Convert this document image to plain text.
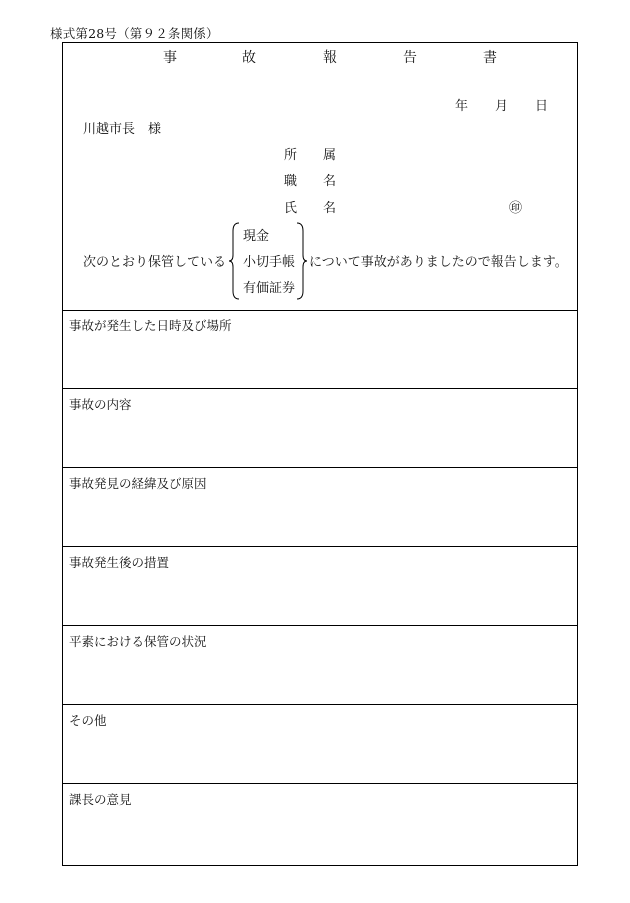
様式第28号（第９２条関係）
事	故	報	告	書
年 月 日
川越市長　様
所 属
職 名
氏 名	㊞
次のとおり保管している
現金
小切手帳
有価証券
について事故がありましたので報告します。
事故が発生した日時及び場所
事故の内容
事故発見の経緯及び原因
事故発生後の措置
平素における保管の状況
その他
課長の意見
